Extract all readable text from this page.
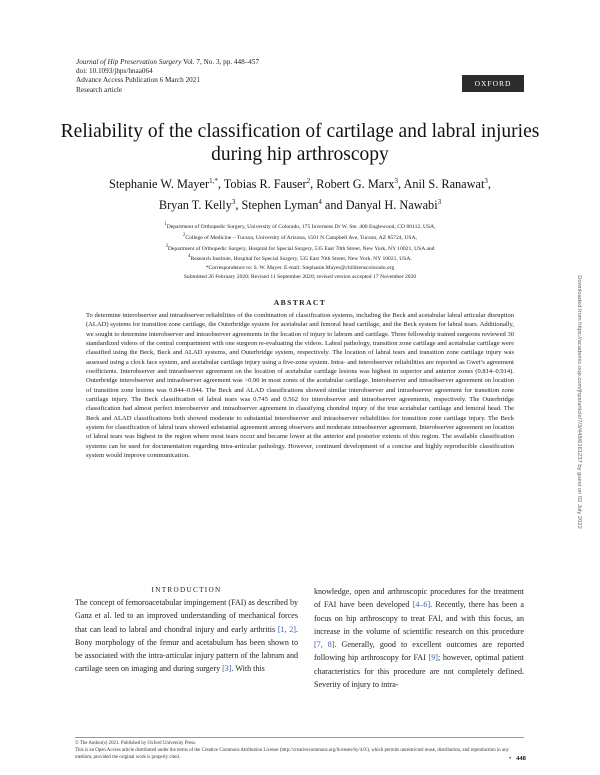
Journal of Hip Preservation Surgery Vol. 7, No. 3, pp. 448–457
doi: 10.1093/jhps/hnaa064
Advance Access Publication 6 March 2021
Research article
OXFORD
Reliability of the classification of cartilage and labral injuries during hip arthroscopy
Stephanie W. Mayer$^{1,*}$, Tobias R. Fauser$^2$, Robert G. Marx$^3$, Anil S. Ranawat$^3$,
Bryan T. Kelly$^3$, Stephen Lyman$^4$ and Danyal H. Nawabi$^3$
$^1$Department of Orthopedic Surgery, University of Colorado, 175 Inverness Dr W, Ste. 400 Englewood, CO 80112, USA,
$^2$College of Medicine – Tucson, University of Arizona, 1501 N Campbell Ave, Tucson, AZ 85724, USA,
$^3$Department of Orthopedic Surgery, Hospital for Special Surgery, 535 East 70th Street, New York, NY 10021, USA and
$^4$Research Institute, Hospital for Special Surgery, 535 East 70th Street, New York, NY 10021, USA.
*Correspondence to: S. W. Mayer. E-mail: Stephanie.Mayer@childrenscolorado.org
Submitted 26 February 2020; Revised 11 September 2020; revised version accepted 17 November 2020
ABSTRACT
To determine interobserver and intraobserver reliabilities of the combination of classification systems, including the Beck and acetabular labral articular disruption (ALAD) systems for transition zone cartilage, the Outerbridge system for acetabular and femoral head cartilage, and the Beck system for labral tears. Additionally, we sought to determine interobserver and intraobserver agreements in the location of injury to labrum and cartilage. Three fellowship trained surgeons reviewed 30 standardized videos of the central compartment with one surgeon re-evaluating the videos. Labral pathology, transition zone cartilage and acetabular cartilage were classified using the Beck, Beck and ALAD systems, and Outerbridge system, respectively. The location of labral tears and transition zone cartilage injury was assessed using a clock face system, and acetabular cartilage injury using a five-zone system. Intra- and interobserver reliabilities are reported as Gwet’s agreement coefficients. Interobserver and intraobserver agreement on the location of acetabular cartilage lesions was highest in superior and anterior zones (0.814–0.914). Outerbridge interobserver and intraobserver agreement was >0.90 in most zones of the acetabular cartilage. Interobserver and intraobserver agreement on location of transition zone lesions was 0.844–0.944. The Beck and ALAD classifications showed similar interobserver and intraobserver agreement for transition zone cartilage injury. The Beck classification of labral tears was 0.745 and 0.562 for interobserver and intraobserver agreements, respectively. The Outerbridge classification had almost perfect interobserver and intraobserver agreement in classifying chondral injury of the true acetabular cartilage and femoral head. The Beck and ALAD classifications both showed moderate to substantial interobserver and intraobserver reliabilities for transition zone cartilage injury. The Beck system for classification of labral tears showed substantial agreement among observers and moderate intraobserver agreement. Interobserver agreement on location of labral tears was highest in the region where most tears occur and became lower at the anterior and posterior extents of this region. The available classification systems can be used for documentation regarding intra-articular pathology. However, continued development of a concise and highly reproducible classification system would improve communication.
INTRODUCTION
The concept of femoroacetabular impingement (FAI) as described by Ganz et al. led to an improved understanding of mechanical forces that can lead to labral and chondral injury and early arthritis [1, 2]. Bony morphology of the femur and acetabulum has been shown to be associated with the intra-articular injury pattern of the labrum and cartilage seen on imaging and during surgery [3]. With this
knowledge, open and arthroscopic procedures for the treatment of FAI have been developed [4–6]. Recently, there has been a focus on hip arthroscopy to treat FAI, and with this focus, an increase in the volume of scientific research on this procedure [7, 8]. Generally, good to excellent outcomes are reported following hip arthroscopy for FAI [9]; however, optimal patient characteristics for this procedure are not completely defined. Severity of injury to intra-
© The Author(s) 2021. Published by Oxford University Press.
This is an Open Access article distributed under the terms of the Creative Commons Attribution License (http://creativecommons.org/licenses/by/4.0/), which permits unrestricted reuse, distribution, and reproduction in any medium, provided the original work is properly cited.	•   448
Downloaded from https://academic.oup.com/jhps/article/7/3/448/6161237 by guest on 02 July 2022
